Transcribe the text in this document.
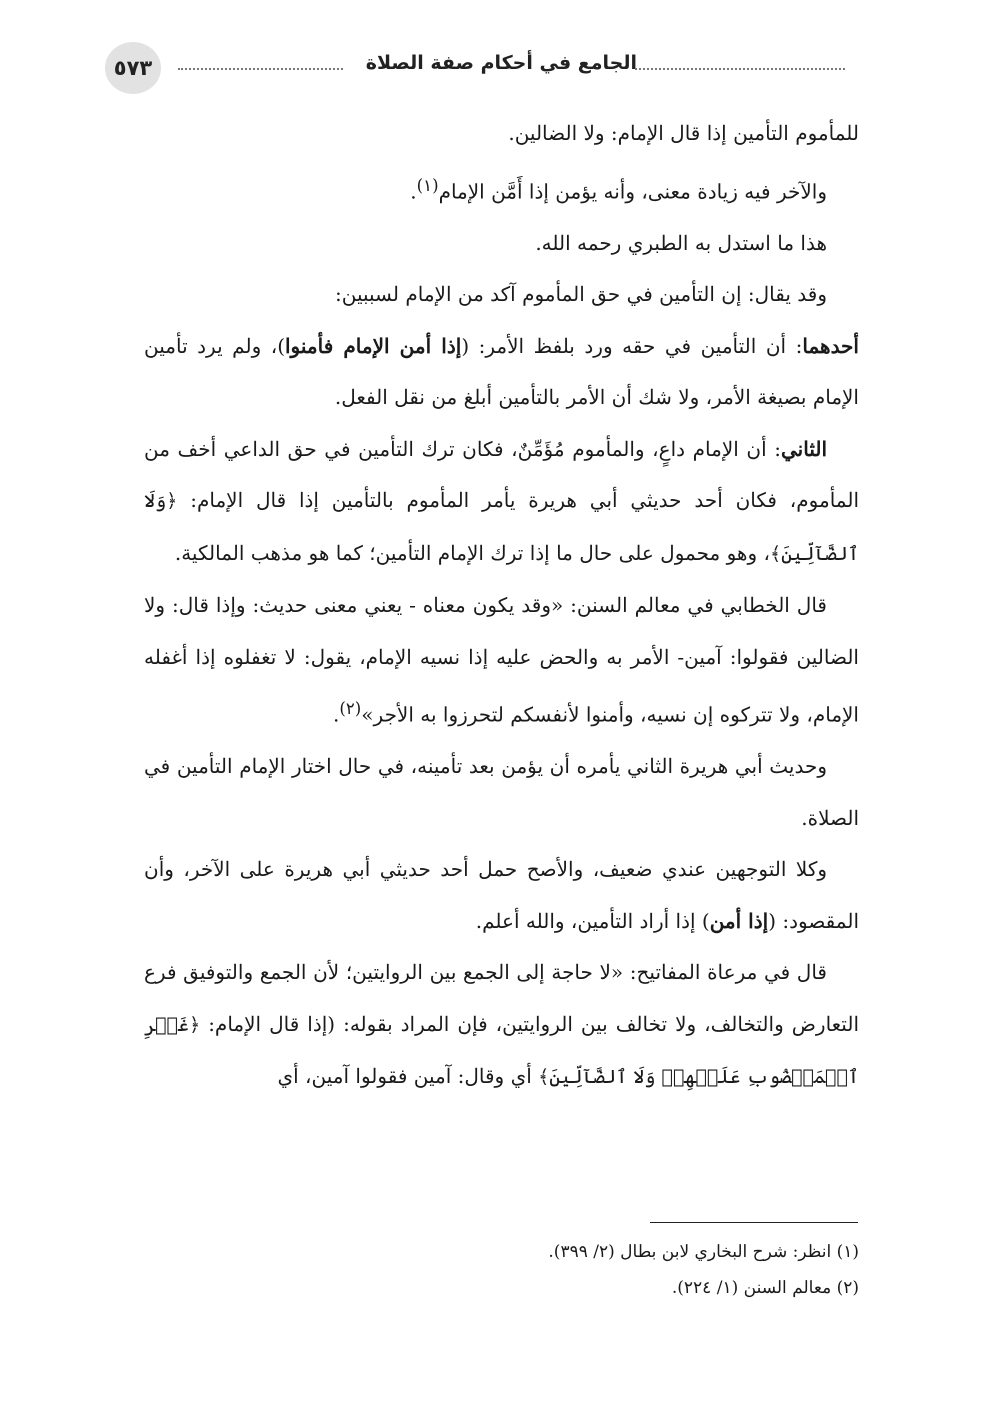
٥٧٣	الجامع في أحكام صفة الصلاة

للمأموم التأمين إذا قال الإمام: ولا الضالين.

والآخر فيه زيادة معنى، وأنه يؤمن إذا أَمَّن الإمام$^{(١)}$.

هذا ما استدل به الطبري رحمه الله.

وقد يقال: إن التأمين في حق المأموم آكد من الإمام لسببين:

أحدهما: أن التأمين في حقه ورد بلفظ الأمر: (إذا أمن الإمام فأمنوا)، ولم يرد تأمين الإمام بصيغة الأمر، ولا شك أن الأمر بالتأمين أبلغ من نقل الفعل.

الثاني: أن الإمام داعٍ، والمأموم مُؤَمِّنٌ، فكان ترك التأمين في حق الداعي أخف من المأموم، فكان أحد حديثي أبي هريرة يأمر المأموم بالتأمين إذا قال الإمام: ﴿وَلَا ٱلضَّآلِّينَ﴾، وهو محمول على حال ما إذا ترك الإمام التأمين؛ كما هو مذهب المالكية.

قال الخطابي في معالم السنن: «وقد يكون معناه - يعني معنى حديث: وإذا قال: ولا الضالين فقولوا: آمين- الأمر به والحض عليه إذا نسيه الإمام، يقول: لا تغفلوه إذا أغفله الإمام، ولا تتركوه إن نسيه، وأمنوا لأنفسكم لتحرزوا به الأجر»$^{(٢)}$.

وحديث أبي هريرة الثاني يأمره أن يؤمن بعد تأمينه، في حال اختار الإمام التأمين في الصلاة.

وكلا التوجهين عندي ضعيف، والأصح حمل أحد حديثي أبي هريرة على الآخر، وأن المقصود: (إذا أمن) إذا أراد التأمين، والله أعلم.

قال في مرعاة المفاتيح: «لا حاجة إلى الجمع بين الروايتين؛ لأن الجمع والتوفيق فرع التعارض والتخالف، ولا تخالف بين الروايتين، فإن المراد بقوله: (إذا قال الإمام: ﴿غَيۡرِ ٱلۡمَغۡضُوبِ عَلَيۡهِمۡ وَلَا ٱلضَّآلِّينَ﴾ أي وقال: آمين فقولوا آمين، أي

(١) انظر: شرح البخاري لابن بطال (٢/ ٣٩٩).

(٢) معالم السنن (١/ ٢٢٤).
